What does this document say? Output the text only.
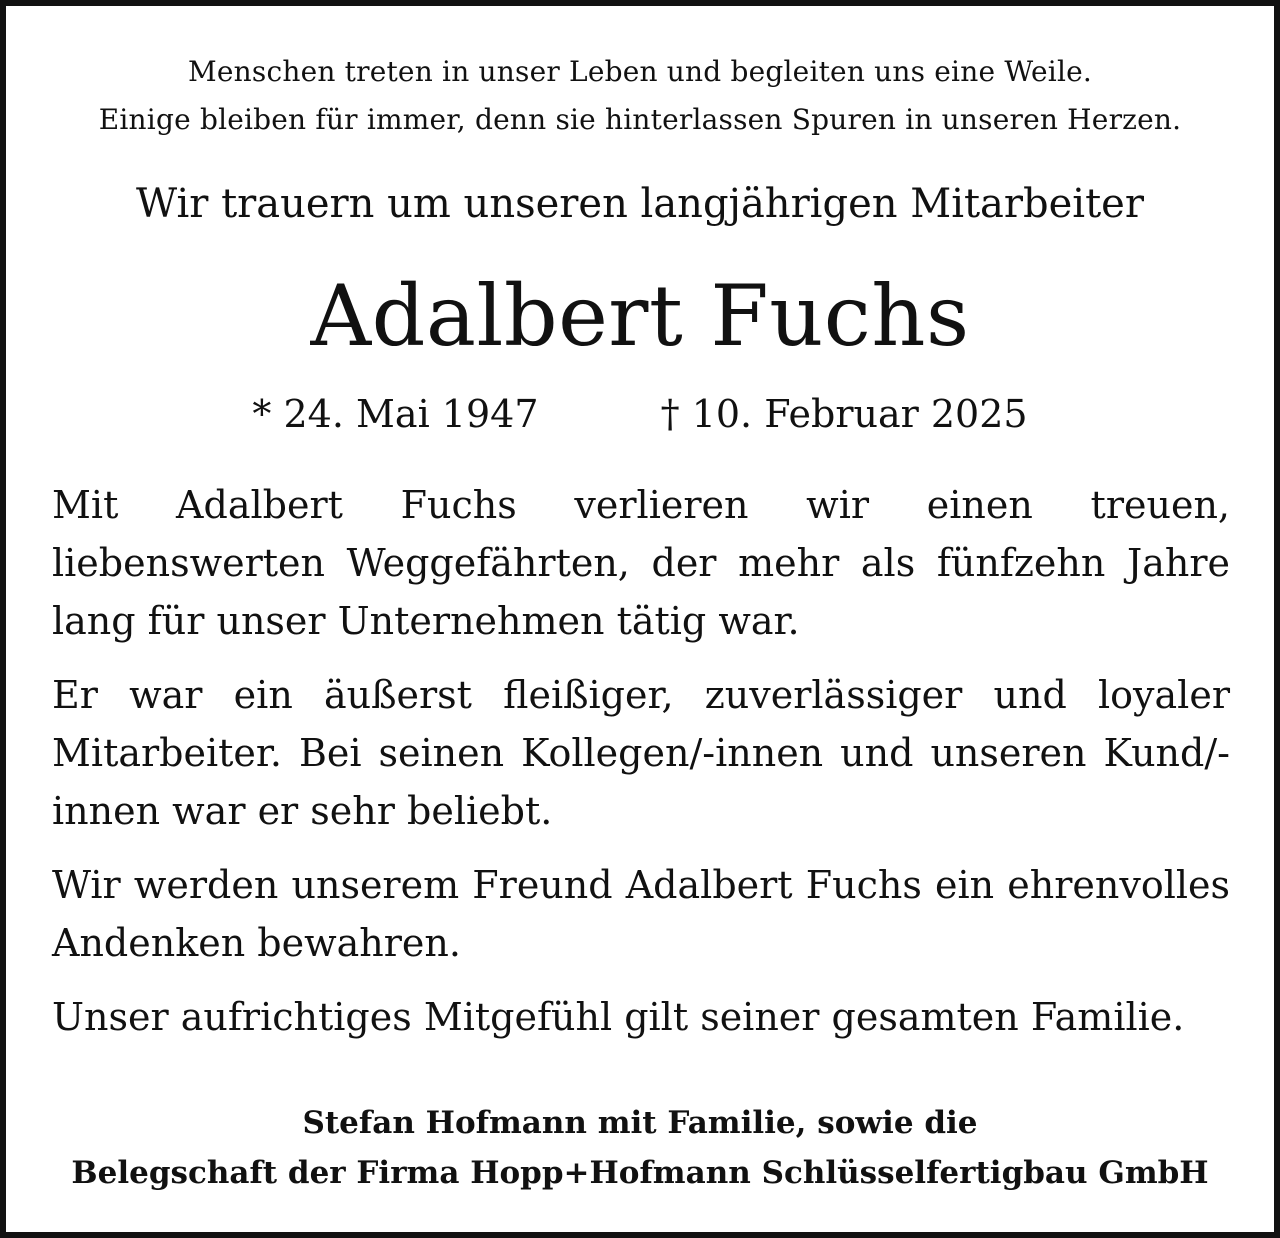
Menschen treten in unser Leben und begleiten uns eine Weile.
Einige bleiben für immer, denn sie hinterlassen Spuren in unseren Herzen.
Wir trauern um unseren langjährigen Mitarbeiter
Adalbert Fuchs
* 24. Mai 1947	† 10. Februar 2025

Mit Adalbert Fuchs verlieren wir einen treuen, liebenswerten Weggefährten, der mehr als fünfzehn Jahre lang für unser Unternehmen tätig war.

Er war ein äußerst fleißiger, zuverlässiger und loyaler Mitarbeiter. Bei seinen Kollegen/-innen und unseren Kund/-innen war er sehr beliebt.

Wir werden unserem Freund Adalbert Fuchs ein ehrenvolles Andenken bewahren.

Unser aufrichtiges Mitgefühl gilt seiner gesamten Familie.

Stefan Hofmann mit Familie, sowie die
Belegschaft der Firma Hopp+Hofmann Schlüsselfertigbau GmbH
